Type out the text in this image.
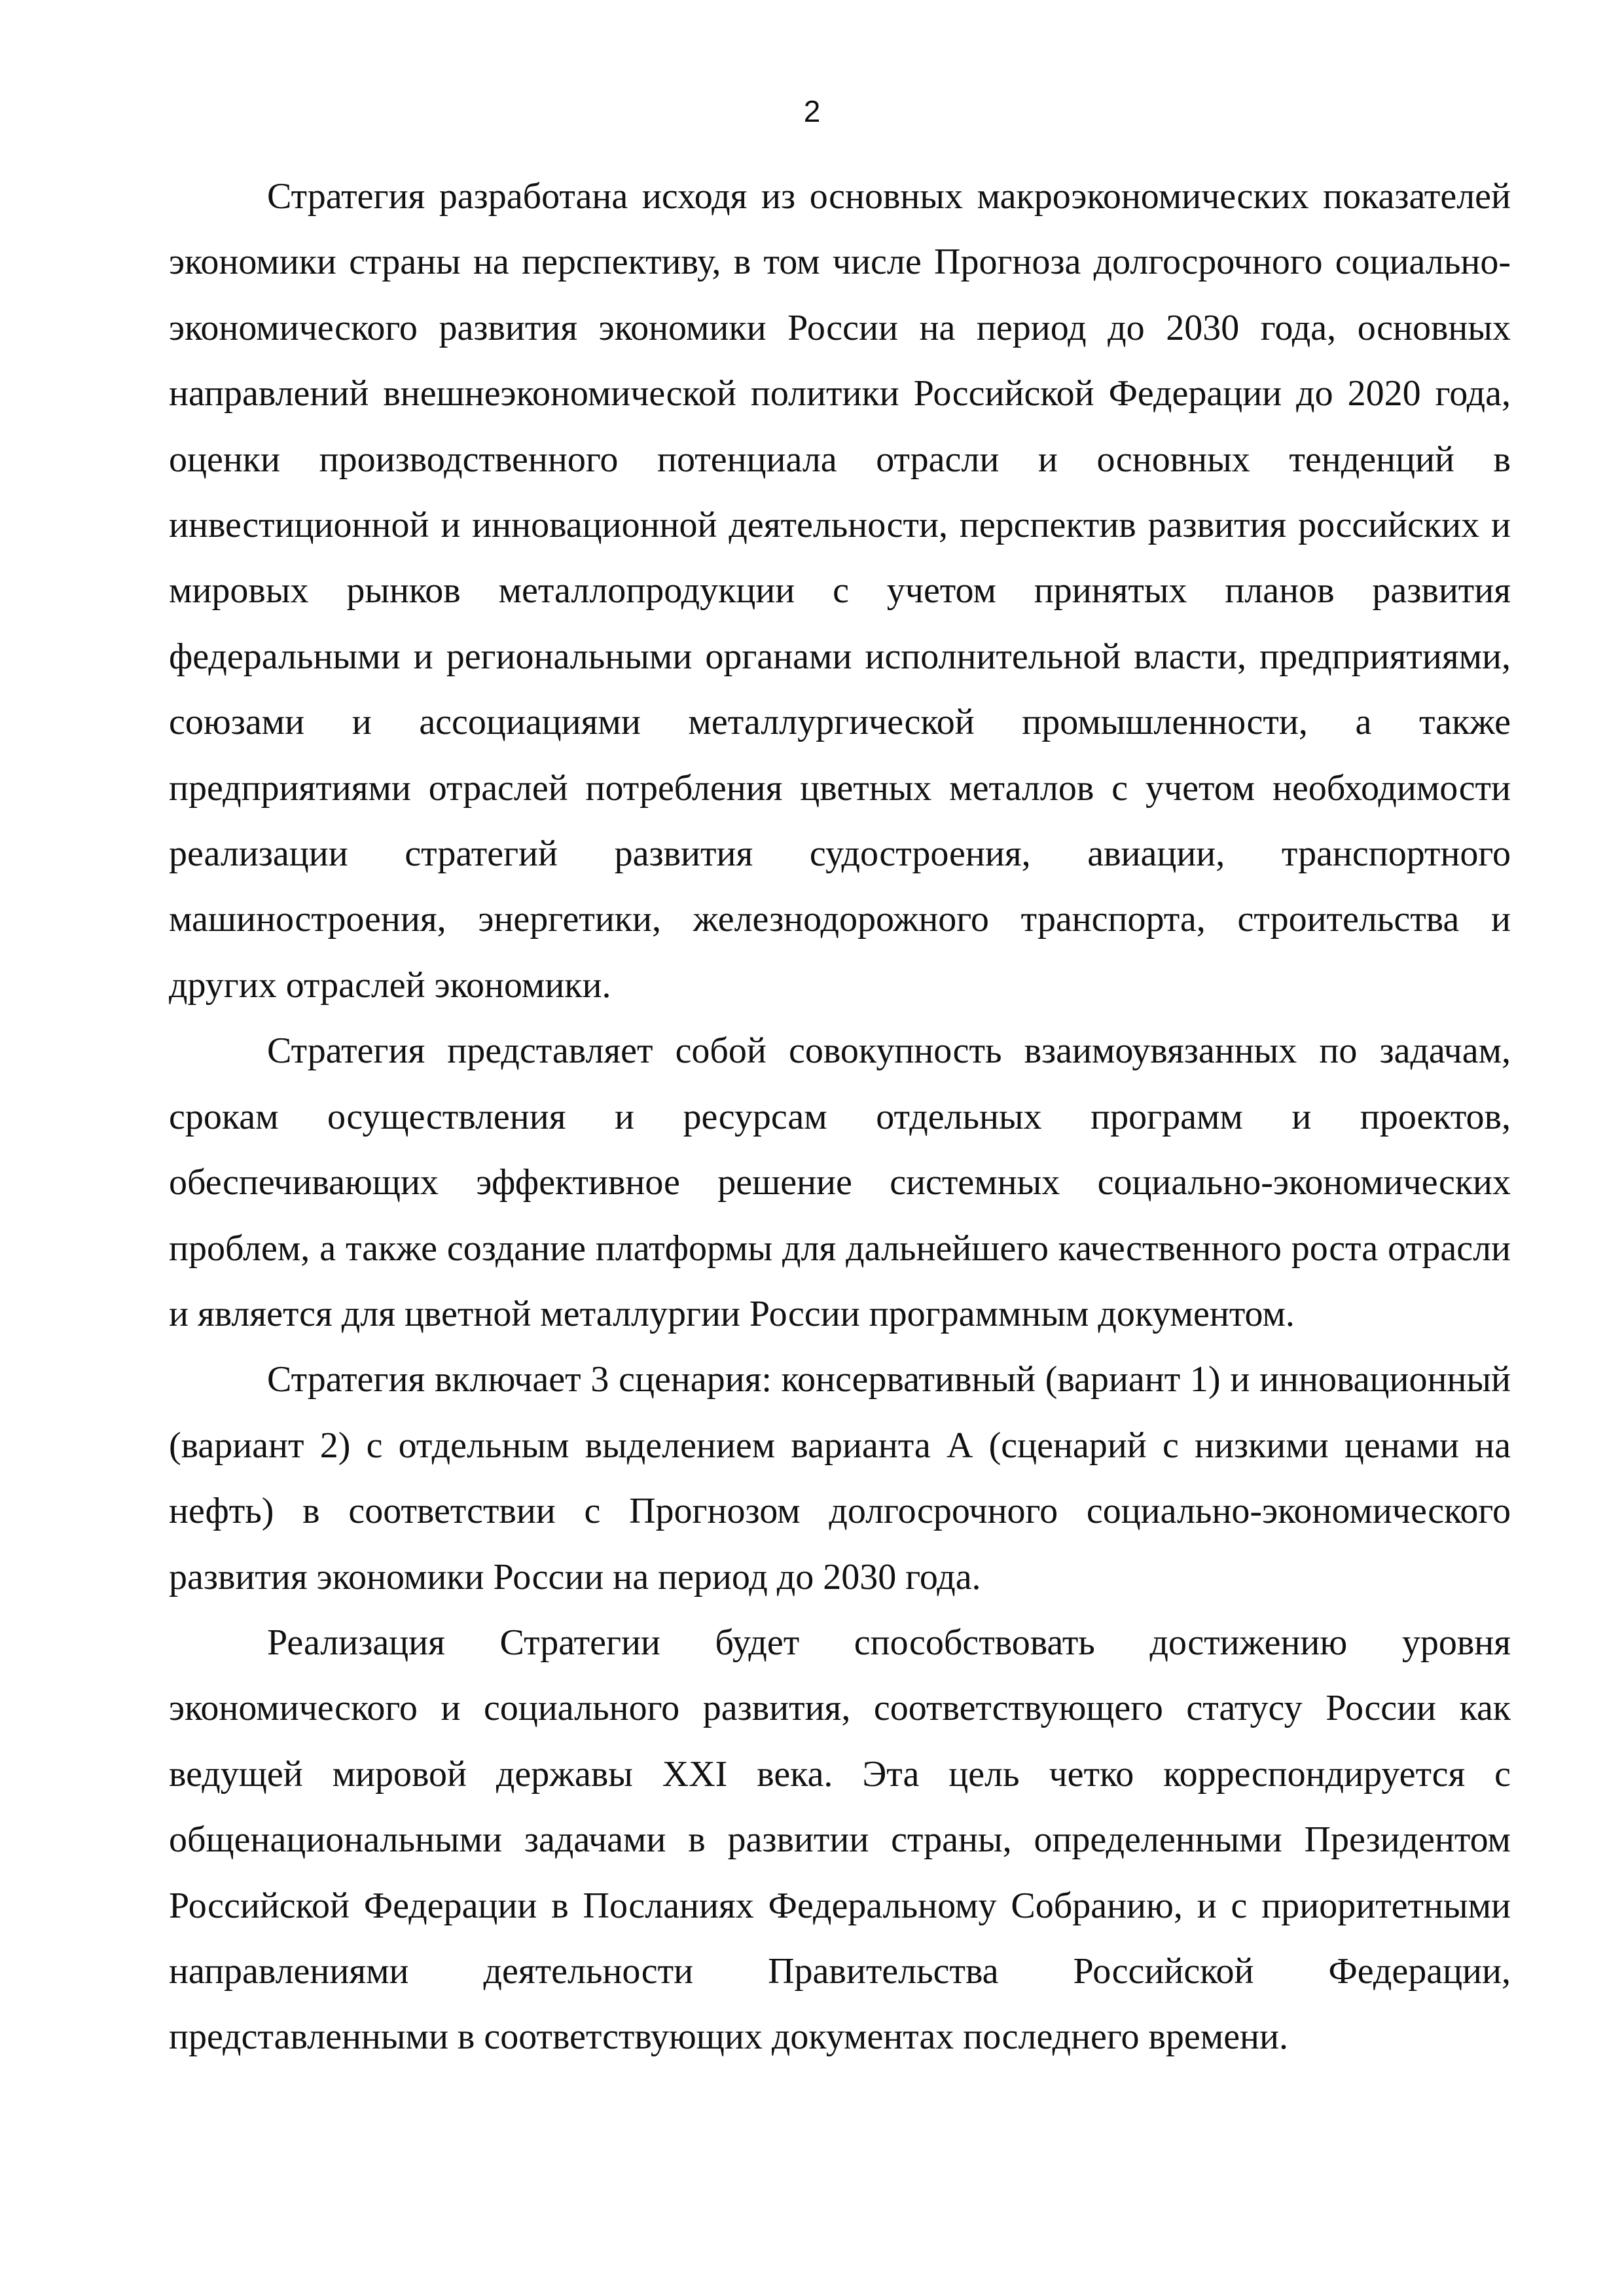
2

Стратегия разработана исходя из основных макроэкономических показателей экономики страны на перспективу, в том числе Прогноза долгосрочного социально-экономического развития экономики России на период до 2030 года, основных направлений внешнеэкономической политики Российской Федерации до 2020 года, оценки производственного потенциала отрасли и основных тенденций в инвестиционной и инновационной деятельности, перспектив развития российских и мировых рынков металлопродукции с учетом принятых планов развития федеральными и региональными органами исполнительной власти, предприятиями, союзами и ассоциациями металлургической промышленности, а также предприятиями отраслей потребления цветных металлов с учетом необходимости реализации стратегий развития судостроения, авиации, транспортного машиностроения, энергетики, железнодорожного транспорта, строительства и других отраслей экономики.

Стратегия представляет собой совокупность взаимоувязанных по задачам, срокам осуществления и ресурсам отдельных программ и проектов, обеспечивающих эффективное решение системных социально-экономических проблем, а также создание платформы для дальнейшего качественного роста отрасли и является для цветной металлургии России программным документом.

Стратегия включает 3 сценария: консервативный (вариант 1) и инновационный (вариант 2) с отдельным выделением варианта А (сценарий с низкими ценами на нефть) в соответствии с Прогнозом долгосрочного социально-экономического развития экономики России на период до 2030 года.

Реализация Стратегии будет способствовать достижению уровня экономического и социального развития, соответствующего статусу России как ведущей мировой державы XXI века. Эта цель четко корреспондируется с общенациональными задачами в развитии страны, определенными Президентом Российской Федерации в Посланиях Федеральному Собранию, и с приоритетными направлениями деятельности Правительства Российской Федерации, представленными в соответствующих документах последнего времени.
